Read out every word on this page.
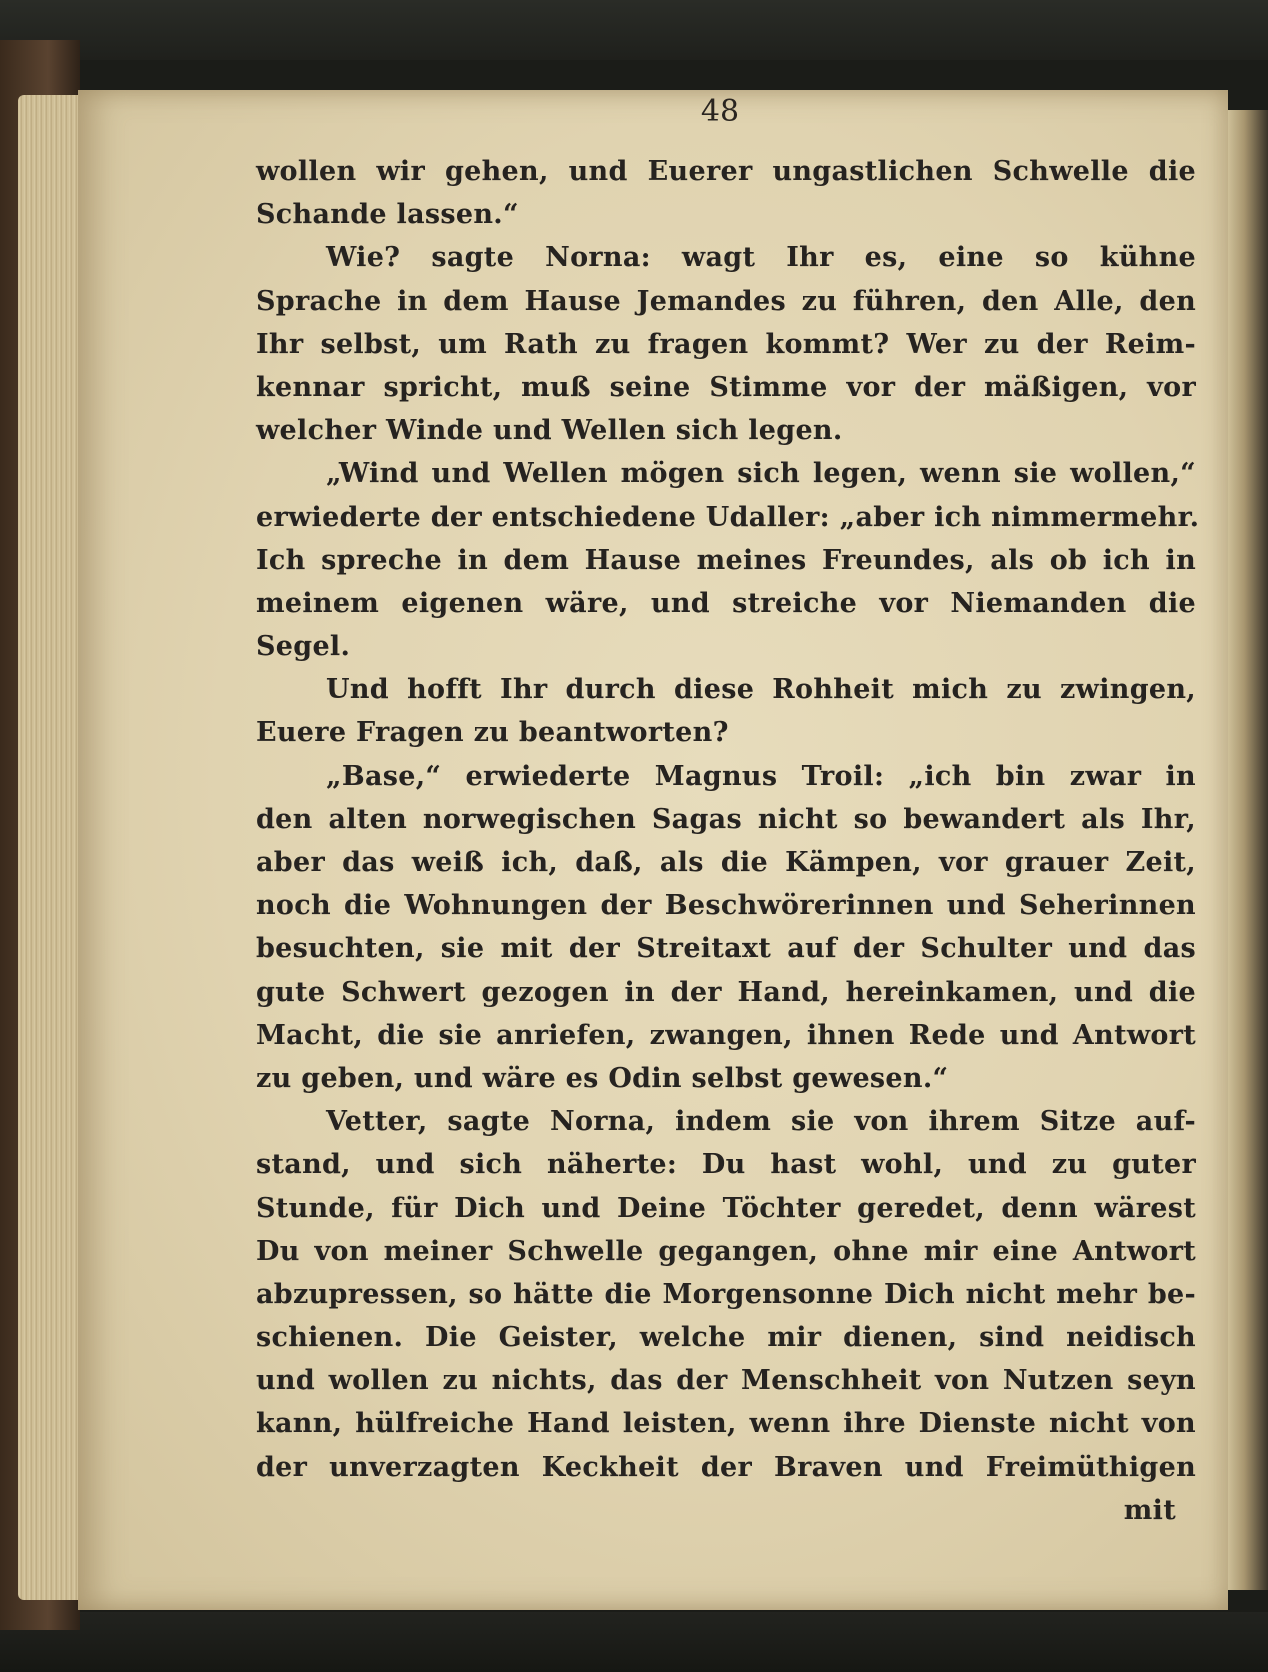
48
wollen wir gehen, und Euerer ungastlichen Schwelle die
Schande lassen.“
Wie? sagte Norna: wagt Ihr es, eine so kühne
Sprache in dem Hause Jemandes zu führen, den Alle, den
Ihr selbst, um Rath zu fragen kommt? Wer zu der Reim-
kennar spricht, muß seine Stimme vor der mäßigen, vor
welcher Winde und Wellen sich legen.
„Wind und Wellen mögen sich legen, wenn sie wollen,“
erwiederte der entschiedene Udaller: „aber ich nimmermehr.
Ich spreche in dem Hause meines Freundes, als ob ich in
meinem eigenen wäre, und streiche vor Niemanden die
Segel.
Und hofft Ihr durch diese Rohheit mich zu zwingen,
Euere Fragen zu beantworten?
„Base,“ erwiederte Magnus Troil: „ich bin zwar in
den alten norwegischen Sagas nicht so bewandert als Ihr,
aber das weiß ich, daß, als die Kämpen, vor grauer Zeit,
noch die Wohnungen der Beschwörerinnen und Seherinnen
besuchten, sie mit der Streitaxt auf der Schulter und das
gute Schwert gezogen in der Hand, hereinkamen, und die
Macht, die sie anriefen, zwangen, ihnen Rede und Antwort
zu geben, und wäre es Odin selbst gewesen.“
Vetter, sagte Norna, indem sie von ihrem Sitze auf-
stand, und sich näherte: Du hast wohl, und zu guter
Stunde, für Dich und Deine Töchter geredet, denn wärest
Du von meiner Schwelle gegangen, ohne mir eine Antwort
abzupressen, so hätte die Morgensonne Dich nicht mehr be-
schienen. Die Geister, welche mir dienen, sind neidisch
und wollen zu nichts, das der Menschheit von Nutzen seyn
kann, hülfreiche Hand leisten, wenn ihre Dienste nicht von
der unverzagten Keckheit der Braven und Freimüthigen
mit
